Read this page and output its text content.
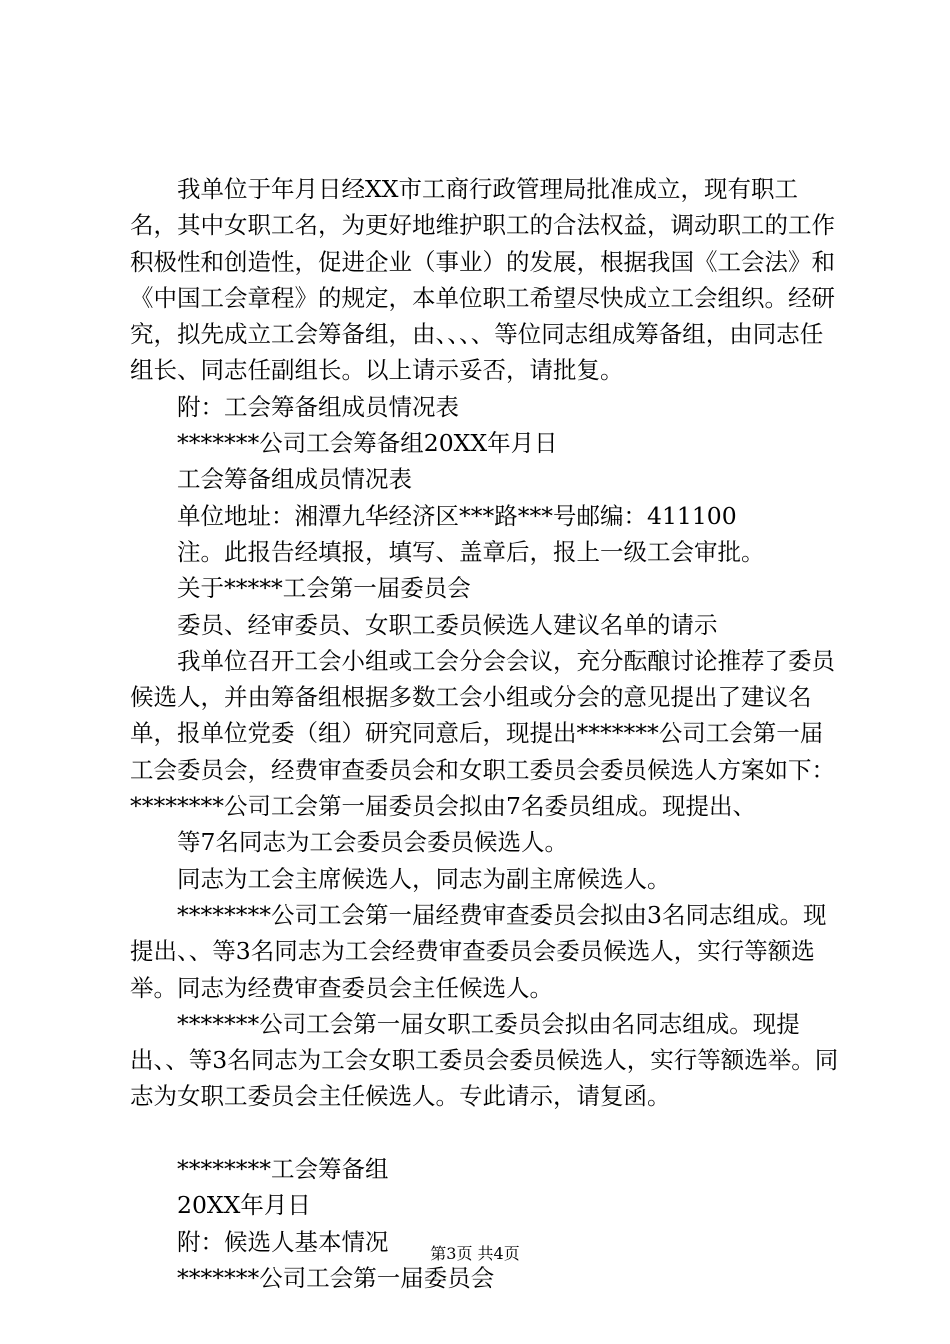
我单位于年月日经XX市工商行政管理局批准成立，现有职工名，其中女职工名，为更好地维护职工的合法权益，调动职工的工作积极性和创造性，促进企业（事业）的发展，根据我国《工会法》和《中国工会章程》的规定，本单位职工希望尽快成立工会组织。经研究，拟先成立工会筹备组，由、、、、等位同志组成筹备组，由同志任组长、同志任副组长。以上请示妥否，请批复。

附：工会筹备组成员情况表

*******公司工会筹备组20XX年月日

工会筹备组成员情况表

单位地址：湘潭九华经济区***路***号邮编：411100

注。此报告经填报，填写、盖章后，报上一级工会审批。

关于*****工会第一届委员会

委员、经审委员、女职工委员候选人建议名单的请示

我单位召开工会小组或工会分会会议，充分酝酿讨论推荐了委员候选人，并由筹备组根据多数工会小组或分会的意见提出了建议名单，报单位党委（组）研究同意后，现提出*******公司工会第一届工会委员会，经费审查委员会和女职工委员会委员候选人方案如下：********公司工会第一届委员会拟由7名委员组成。现提出、

等7名同志为工会委员会委员候选人。

同志为工会主席候选人，同志为副主席候选人。

********公司工会第一届经费审查委员会拟由3名同志组成。现提出、、等3名同志为工会经费审查委员会委员候选人，实行等额选举。同志为经费审查委员会主任候选人。

*******公司工会第一届女职工委员会拟由名同志组成。现提出、、等3名同志为工会女职工委员会委员候选人，实行等额选举。同志为女职工委员会主任候选人。专此请示，请复函。

********工会筹备组

20XX年月日

附：候选人基本情况

*******公司工会第一届委员会

第3页 共4页
